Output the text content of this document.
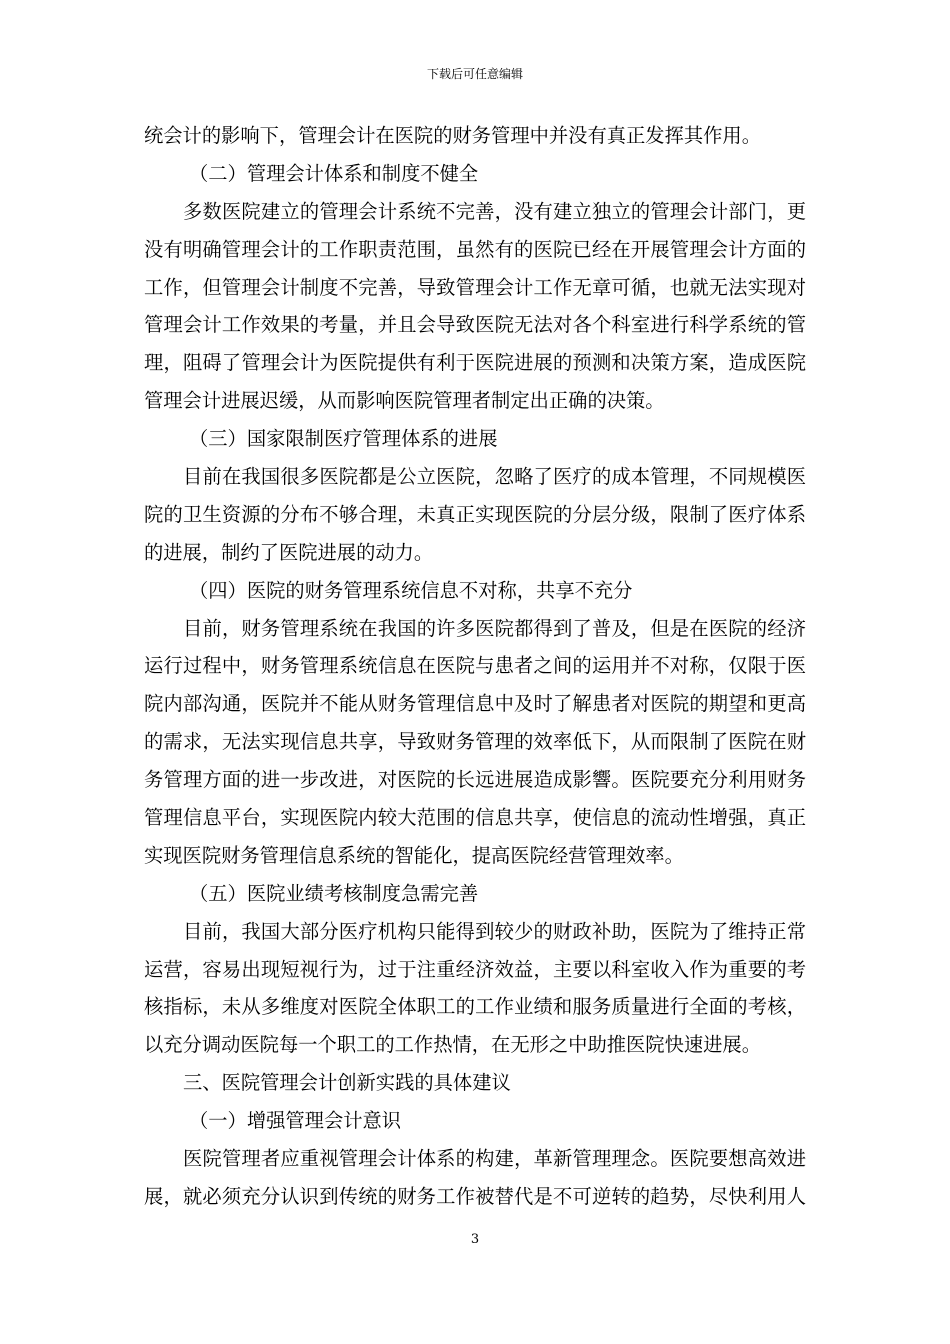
下载后可任意编辑
统会计的影响下，管理会计在医院的财务管理中并没有真正发挥其作用。
（二）管理会计体系和制度不健全
多数医院建立的管理会计系统不完善，没有建立独立的管理会计部门，更
没有明确管理会计的工作职责范围，虽然有的医院已经在开展管理会计方面的
工作，但管理会计制度不完善，导致管理会计工作无章可循，也就无法实现对
管理会计工作效果的考量，并且会导致医院无法对各个科室进行科学系统的管
理，阻碍了管理会计为医院提供有利于医院进展的预测和决策方案，造成医院
管理会计进展迟缓，从而影响医院管理者制定出正确的决策。
（三）国家限制医疗管理体系的进展
目前在我国很多医院都是公立医院，忽略了医疗的成本管理，不同规模医
院的卫生资源的分布不够合理，未真正实现医院的分层分级，限制了医疗体系
的进展，制约了医院进展的动力。
（四）医院的财务管理系统信息不对称，共享不充分
目前，财务管理系统在我国的许多医院都得到了普及，但是在医院的经济
运行过程中，财务管理系统信息在医院与患者之间的运用并不对称，仅限于医
院内部沟通，医院并不能从财务管理信息中及时了解患者对医院的期望和更高
的需求，无法实现信息共享，导致财务管理的效率低下，从而限制了医院在财
务管理方面的进一步改进，对医院的长远进展造成影響。医院要充分利用财务
管理信息平台，实现医院内较大范围的信息共享，使信息的流动性增强，真正
实现医院财务管理信息系统的智能化，提高医院经营管理效率。
（五）医院业绩考核制度急需完善
目前，我国大部分医疗机构只能得到较少的财政补助，医院为了维持正常
运营，容易出现短视行为，过于注重经济效益，主要以科室收入作为重要的考
核指标，未从多维度对医院全体职工的工作业绩和服务质量进行全面的考核，
以充分调动医院每一个职工的工作热情，在无形之中助推医院快速进展。
三、医院管理会计创新实践的具体建议
（一）增强管理会计意识
医院管理者应重视管理会计体系的构建，革新管理理念。医院要想高效进
展，就必须充分认识到传统的财务工作被替代是不可逆转的趋势，尽快利用人
3
